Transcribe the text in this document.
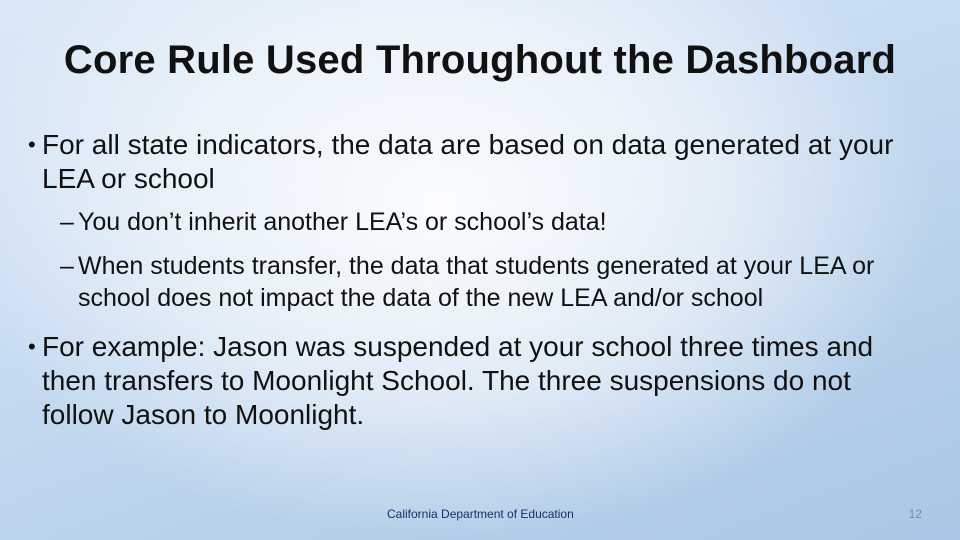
Core Rule Used Throughout the Dashboard
• For all state indicators, the data are based on data generated at your LEA or school
– You don’t inherit another LEA’s or school’s data!
– When students transfer, the data that students generated at your LEA or school does not impact the data of the new LEA and/or school
• For example: Jason was suspended at your school three times and then transfers to Moonlight School. The three suspensions do not follow Jason to Moonlight.
California Department of Education	12
